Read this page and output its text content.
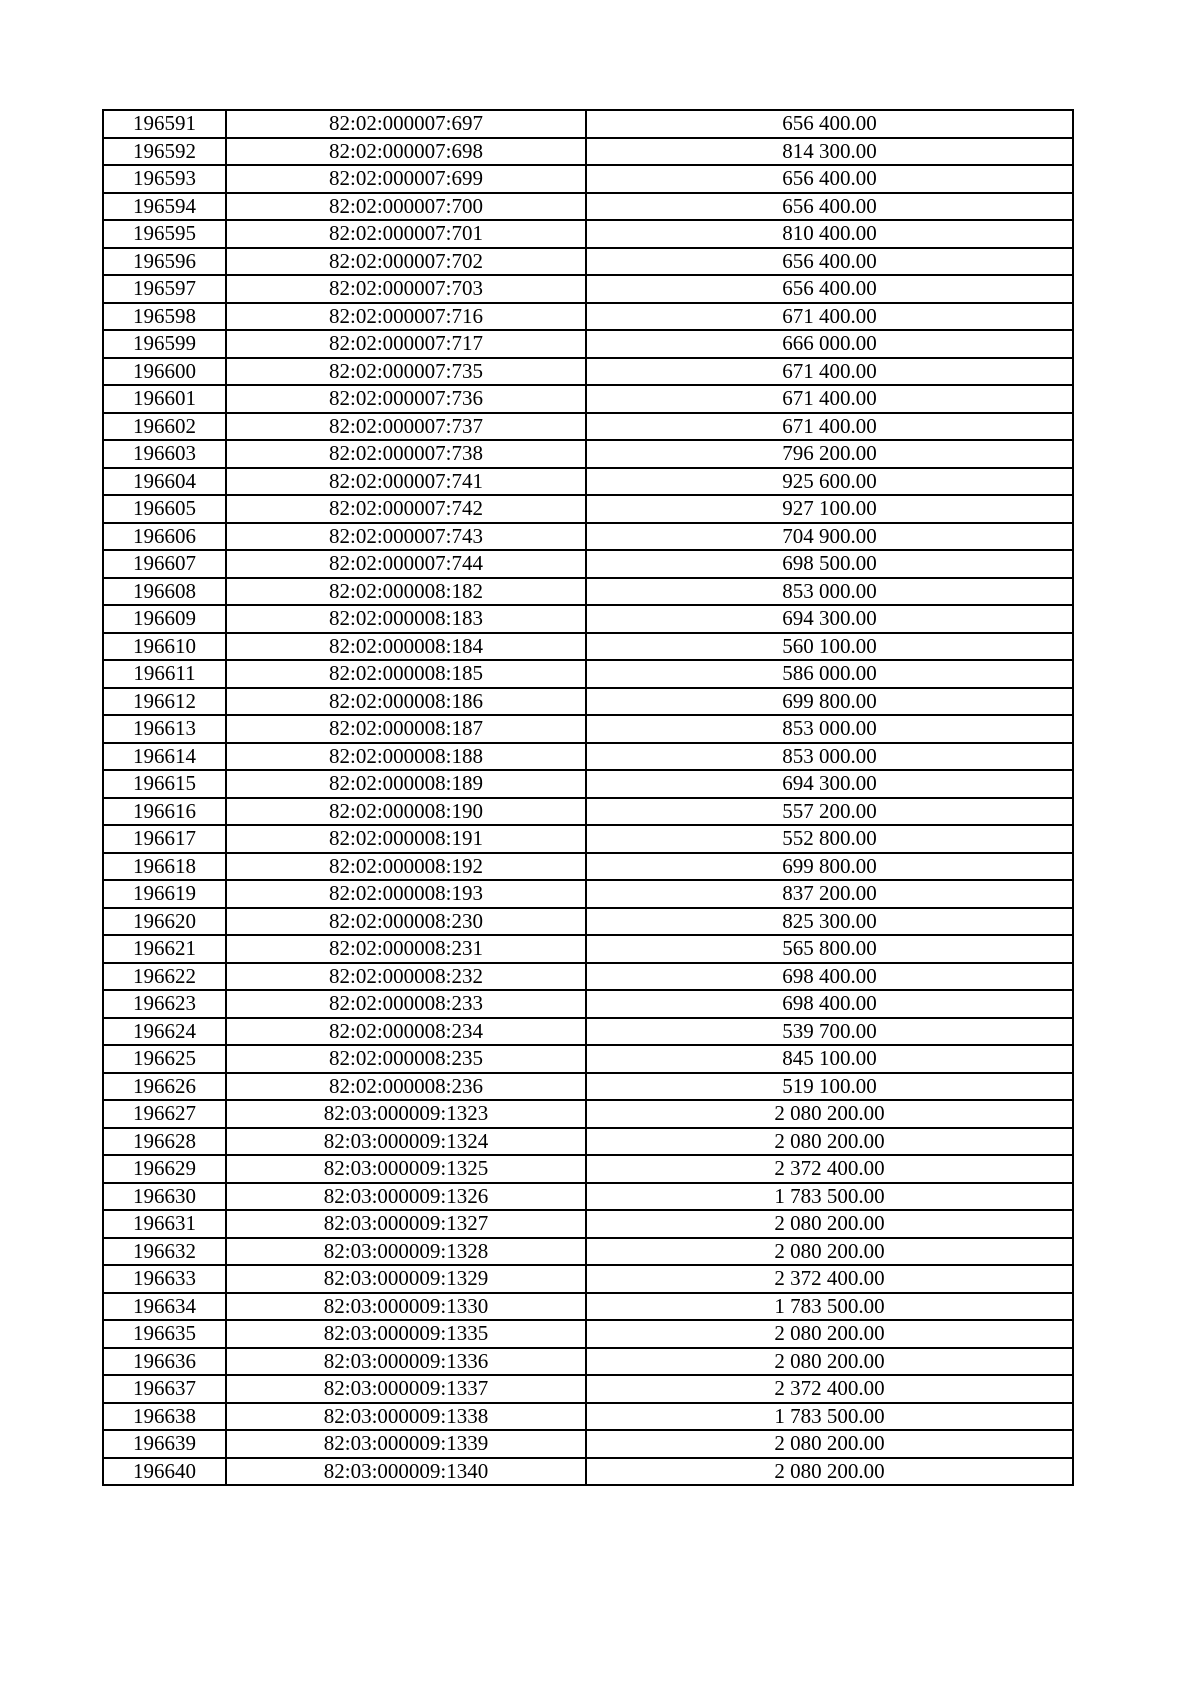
196591	82:02:000007:697	656 400.00
196592	82:02:000007:698	814 300.00
196593	82:02:000007:699	656 400.00
196594	82:02:000007:700	656 400.00
196595	82:02:000007:701	810 400.00
196596	82:02:000007:702	656 400.00
196597	82:02:000007:703	656 400.00
196598	82:02:000007:716	671 400.00
196599	82:02:000007:717	666 000.00
196600	82:02:000007:735	671 400.00
196601	82:02:000007:736	671 400.00
196602	82:02:000007:737	671 400.00
196603	82:02:000007:738	796 200.00
196604	82:02:000007:741	925 600.00
196605	82:02:000007:742	927 100.00
196606	82:02:000007:743	704 900.00
196607	82:02:000007:744	698 500.00
196608	82:02:000008:182	853 000.00
196609	82:02:000008:183	694 300.00
196610	82:02:000008:184	560 100.00
196611	82:02:000008:185	586 000.00
196612	82:02:000008:186	699 800.00
196613	82:02:000008:187	853 000.00
196614	82:02:000008:188	853 000.00
196615	82:02:000008:189	694 300.00
196616	82:02:000008:190	557 200.00
196617	82:02:000008:191	552 800.00
196618	82:02:000008:192	699 800.00
196619	82:02:000008:193	837 200.00
196620	82:02:000008:230	825 300.00
196621	82:02:000008:231	565 800.00
196622	82:02:000008:232	698 400.00
196623	82:02:000008:233	698 400.00
196624	82:02:000008:234	539 700.00
196625	82:02:000008:235	845 100.00
196626	82:02:000008:236	519 100.00
196627	82:03:000009:1323	2 080 200.00
196628	82:03:000009:1324	2 080 200.00
196629	82:03:000009:1325	2 372 400.00
196630	82:03:000009:1326	1 783 500.00
196631	82:03:000009:1327	2 080 200.00
196632	82:03:000009:1328	2 080 200.00
196633	82:03:000009:1329	2 372 400.00
196634	82:03:000009:1330	1 783 500.00
196635	82:03:000009:1335	2 080 200.00
196636	82:03:000009:1336	2 080 200.00
196637	82:03:000009:1337	2 372 400.00
196638	82:03:000009:1338	1 783 500.00
196639	82:03:000009:1339	2 080 200.00
196640	82:03:000009:1340	2 080 200.00
